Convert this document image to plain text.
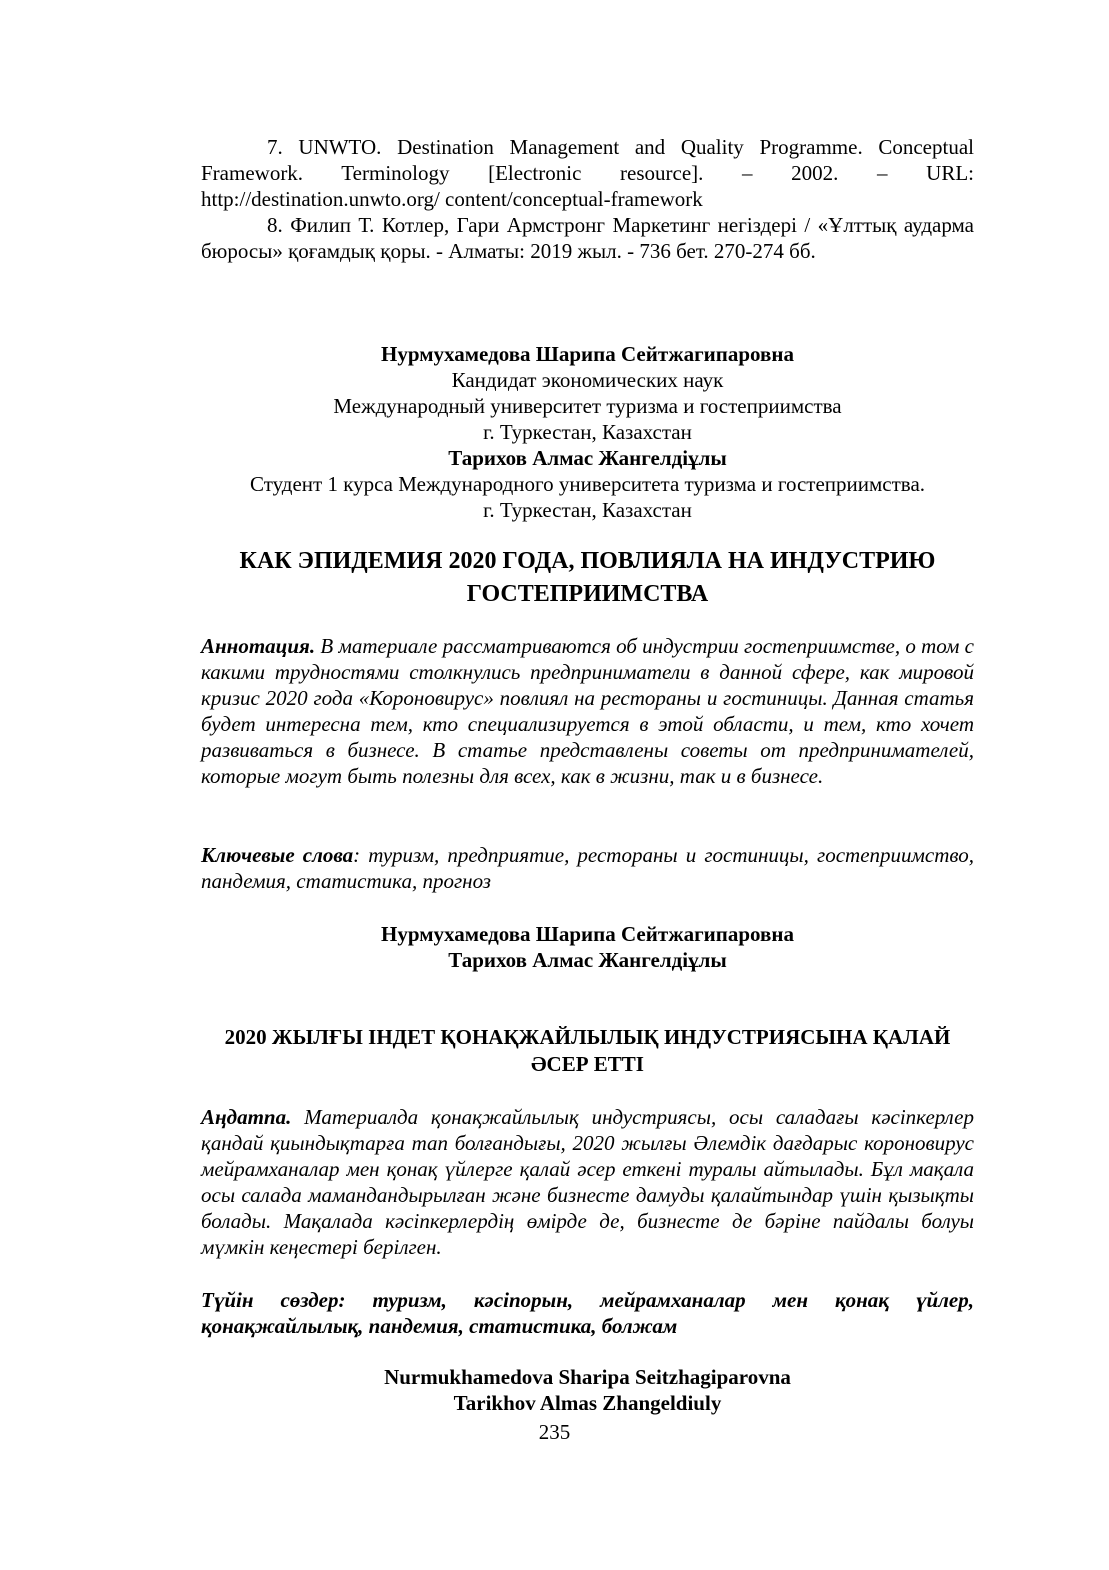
7. UNWTO. Destination Management and Quality Programme. Conceptual Framework. Terminology [Electronic resource]. – 2002. – URL: http://destination.unwto.org/ content/conceptual-framework
8. Филип Т. Котлер, Гари Армстронг Маркетинг негіздері / «Ұлттық аударма бюросы» қоғамдық қоры. - Алматы: 2019 жыл. - 736 бет. 270-274 бб.
Нурмухамедова Шарипа Сейтжагипаровна
Кандидат экономических наук
Международный университет туризма и гостеприимства
г. Туркестан, Казахстан
Тарихов Алмас Жангелдіұлы
Студент 1 курса Международного университета туризма и гостеприимства.
г. Туркестан, Казахстан
КАК ЭПИДЕМИЯ 2020 ГОДА, ПОВЛИЯЛА НА ИНДУСТРИЮ
ГОСТЕПРИИМСТВА
Аннотация. В материале рассматриваются об индустрии гостеприимстве, о том с какими трудностями столкнулись предприниматели в данной сфере, как мировой кризис 2020 года «Короновирус» повлиял на рестораны и гостиницы. Данная статья будет интересна тем, кто специализируется в этой области, и тем, кто хочет развиваться в бизнесе. В статье представлены советы от предпринимателей, которые могут быть полезны для всех, как в жизни, так и в бизнесе.
Ключевые слова: туризм, предприятие, рестораны и гостиницы, гостеприимство, пандемия, статистика, прогноз
Нурмухамедова Шарипа Сейтжагипаровна
Тарихов Алмас Жангелдіұлы
2020 ЖЫЛҒЫ ІНДЕТ ҚОНАҚЖАЙЛЫЛЫҚ ИНДУСТРИЯСЫНА ҚАЛАЙ
ӘСЕР ЕТТІ
Аңдатпа. Материалда қонақжайлылық индустриясы, осы саладағы кәсіпкерлер қандай қиындықтарға тап болғандығы, 2020 жылғы Әлемдік дағдарыс короновирус мейрамханалар мен қонақ үйлерге қалай әсер еткені туралы айтылады. Бұл мақала осы салада мамандандырылған және бизнесте дамуды қалайтындар үшін қызықты болады. Мақалада кәсіпкерлердің өмірде де, бизнесте де бәріне пайдалы болуы мүмкін кеңестері берілген.
Түйін сөздер: туризм, кәсіпорын, мейрамханалар мен қонақ үйлер, қонақжайлылық, пандемия, статистика, болжам
Nurmukhamedova Sharipa Seitzhagiparovna
Tarikhov Almas Zhangeldiuly
235
